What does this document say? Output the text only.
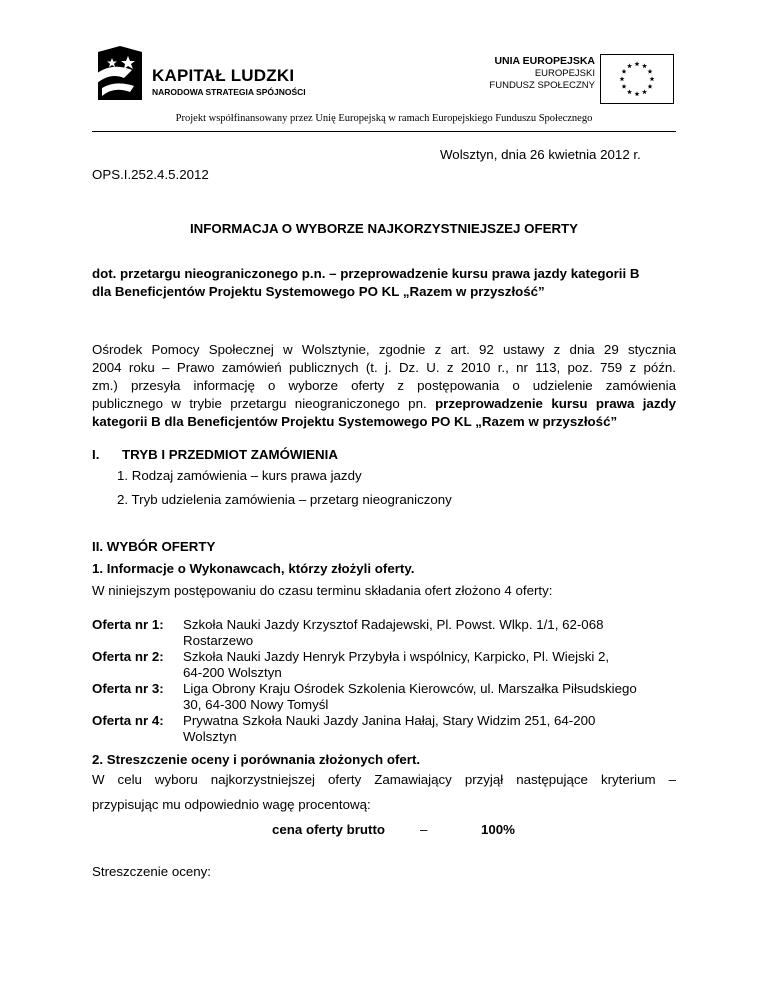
KAPITAŁ LUDZKI
NARODOWA STRATEGIA SPÓJNOŚCI
UNIA EUROPEJSKA
EUROPEJSKI
FUNDUSZ SPOŁECZNY
Projekt współfinansowany przez Unię Europejską w ramach Europejskiego Funduszu Społecznego
Wolsztyn, dnia 26 kwietnia 2012 r.
OPS.I.252.4.5.2012
INFORMACJA O WYBORZE NAJKORZYSTNIEJSZEJ OFERTY
dot. przetargu nieograniczonego p.n. – przeprowadzenie kursu prawa jazdy kategorii B
dla Beneficjentów Projektu Systemowego PO KL „Razem w przyszłość”
Ośrodek Pomocy Społecznej w Wolsztynie, zgodnie z art. 92 ustawy z dnia 29 stycznia
2004 roku – Prawo zamówień publicznych (t. j. Dz. U. z 2010 r., nr 113, poz. 759 z późn.
zm.) przesyła informację o wyborze oferty z postępowania o udzielenie zamówienia
publicznego w trybie przetargu nieograniczonego pn. przeprowadzenie kursu prawa jazdy
kategorii B dla Beneficjentów Projektu Systemowego PO KL „Razem w przyszłość”
I. TRYB I PRZEDMIOT ZAMÓWIENIA
1. Rodzaj zamówienia – kurs prawa jazdy
2. Tryb udzielenia zamówienia – przetarg nieograniczony
II. WYBÓR OFERTY
1. Informacje o Wykonawcach, którzy złożyli oferty.
W niniejszym postępowaniu do czasu terminu składania ofert złożono 4 oferty:
Oferta nr 1: Szkoła Nauki Jazdy Krzysztof Radajewski, Pl. Powst. Wlkp. 1/1, 62-068
Rostarzewo
Oferta nr 2: Szkoła Nauki Jazdy Henryk Przybyła i wspólnicy, Karpicko, Pl. Wiejski 2,
64-200 Wolsztyn
Oferta nr 3: Liga Obrony Kraju Ośrodek Szkolenia Kierowców, ul. Marszałka Piłsudskiego
30, 64-300 Nowy Tomyśl
Oferta nr 4: Prywatna Szkoła Nauki Jazdy Janina Hałaj, Stary Widzim 251, 64-200
Wolsztyn
2. Streszczenie oceny i porównania złożonych ofert.
W celu wyboru najkorzystniejszej oferty Zamawiający przyjął następujące kryterium –
przypisując mu odpowiednio wagę procentową:
cena oferty brutto	–	100%
Streszczenie oceny:
